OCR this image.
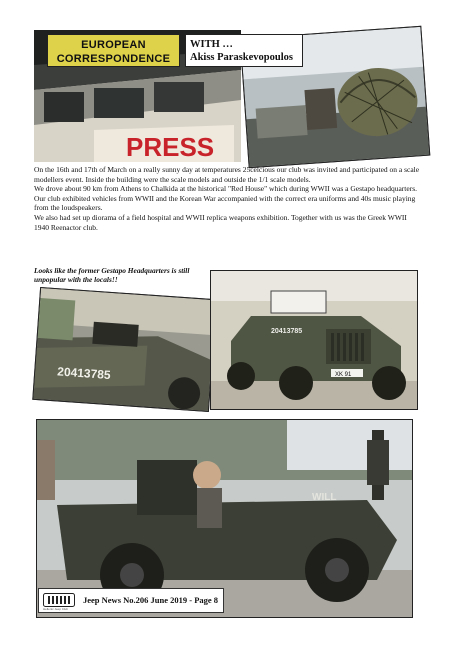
PRESS
EUROPEAN
CORRESPONDENCE
WITH …
Akiss Paraskevopoulos

On the 16th and 17th of March on a really sunny day at temperatures 25celcious our club was invited and participated on a scale modellers event. Inside the building were the scale models and outside the 1/1 scale models.

We drove about 90 km from Athens to Chalkida at the historical "Red House" which during WWII was a Gestapo headquarters. Our club exhibited vehicles from WWII and the Korean War accompanied with the correct era uniforms and 40s music playing from the loudspeakers.

We also had set up diorama of a field hospital and WWII replica weapons exhibition. Together with us was the Greek WWII 1940 Reenactor club.

Looks like the former Gestapo Headquarters is still unpopular with the locals!!
20413785
20413785
XK 91
WILL
Hellenic Jeep Club
Jeep News No.206 June 2019 - Page 8
